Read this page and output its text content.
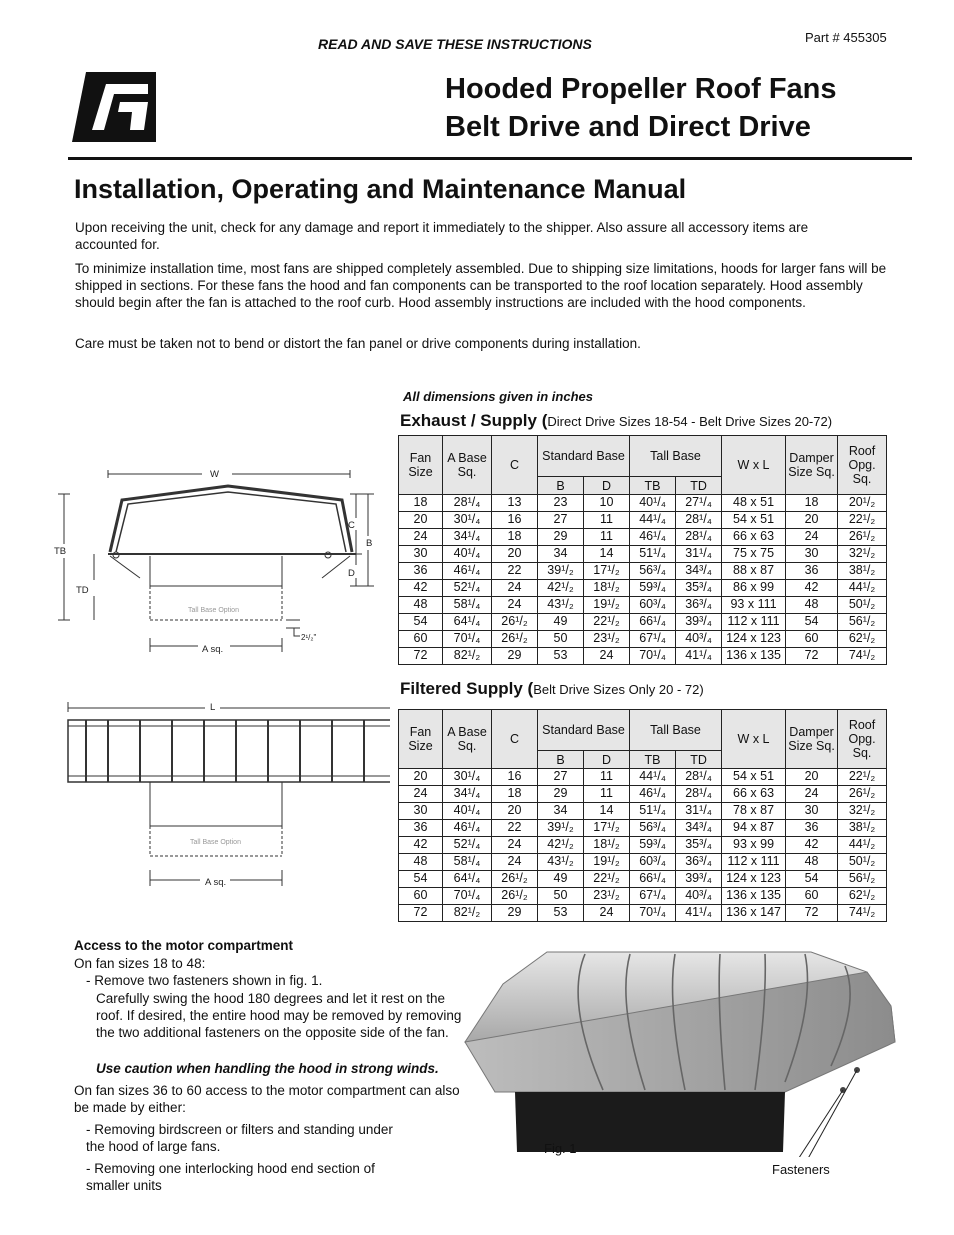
READ AND SAVE THESE INSTRUCTIONS	Part # 455305
Hooded Propeller Roof Fans
Belt Drive and Direct Drive
Installation, Operating and Maintenance Manual

Upon receiving the unit, check for any damage and report it immediately to the shipper. Also assure all accessory items are accounted for.

To minimize installation time, most fans are shipped completely assembled. Due to shipping size limitations, hoods for larger fans will be shipped in sections. For these fans the hood and fan components can be transported to the roof location separately. Hood assembly should begin after the fan is attached to the roof curb. Hood assembly instructions are included with the hood components.

Care must be taken not to bend or distort the fan panel or drive components during installation.

All dimensions given in inches
W
C
B
D
TB
TD
Tall Base Option
2¹/₂"
A sq.
L
Tall Base Option
A sq.
Exhaust / Supply (Direct Drive Sizes 18-54 - Belt Drive Sizes 20-72)
Fan Size	A Base Sq.	C	Standard Base		Tall Base		W x L	Damper Size Sq.	Roof Opg. Sq.
			B	D	TB	TD			
18	28¹/₄	13	23	10	40¹/₄	27¹/₄	48 x 51	18	20¹/₂
20	30¹/₄	16	27	11	44¹/₄	28¹/₄	54 x 51	20	22¹/₂
24	34¹/₄	18	29	11	46¹/₄	28¹/₄	66 x 63	24	26¹/₂
30	40¹/₄	20	34	14	51¹/₄	31¹/₄	75 x 75	30	32¹/₂
36	46¹/₄	22	39¹/₂	17¹/₂	56³/₄	34³/₄	88 x 87	36	38¹/₂
42	52¹/₄	24	42¹/₂	18¹/₂	59³/₄	35³/₄	86 x 99	42	44¹/₂
48	58¹/₄	24	43¹/₂	19¹/₂	60³/₄	36³/₄	93 x 111	48	50¹/₂
54	64¹/₄	26¹/₂	49	22¹/₂	66¹/₄	39³/₄	112 x 111	54	56¹/₂
60	70¹/₄	26¹/₂	50	23¹/₂	67¹/₄	40³/₄	124 x 123	60	62¹/₂
72	82¹/₂	29	53	24	70¹/₄	41¹/₄	136 x 135	72	74¹/₂
Filtered Supply (Belt Drive Sizes Only 20 - 72)
Fan Size	A Base Sq.	C	Standard Base		Tall Base		W x L	Damper Size Sq.	Roof Opg. Sq.
			B	D	TB	TD			
20	30¹/₄	16	27	11	44¹/₄	28¹/₄	54 x 51	20	22¹/₂
24	34¹/₄	18	29	11	46¹/₄	28¹/₄	66 x 63	24	26¹/₂
30	40¹/₄	20	34	14	51¹/₄	31¹/₄	78 x 87	30	32¹/₂
36	46¹/₄	22	39¹/₂	17¹/₂	56³/₄	34³/₄	94 x 87	36	38¹/₂
42	52¹/₄	24	42¹/₂	18¹/₂	59³/₄	35³/₄	93 x 99	42	44¹/₂
48	58¹/₄	24	43¹/₂	19¹/₂	60³/₄	36³/₄	112 x 111	48	50¹/₂
54	64¹/₄	26¹/₂	49	22¹/₂	66¹/₄	39³/₄	124 x 123	54	56¹/₂
60	70¹/₄	26¹/₂	50	23¹/₂	67¹/₄	40³/₄	136 x 135	60	62¹/₂
72	82¹/₂	29	53	24	70¹/₄	41¹/₄	136 x 147	72	74¹/₂
Access to the motor compartment
On fan sizes 18 to 48:
- Remove two fasteners shown in fig. 1.
Carefully swing the hood 180 degrees and let it rest on the roof. If desired, the entire hood may be removed by removing the two additional fasteners on the opposite side of the fan.
Use caution when handling the hood in strong winds.
On fan sizes 36 to 60 access to the motor compartment can also be made by either:
- Removing birdscreen or filters and standing under the hood of large fans.
- Removing one interlocking hood end section of smaller units
Fig. 1
Fasteners
